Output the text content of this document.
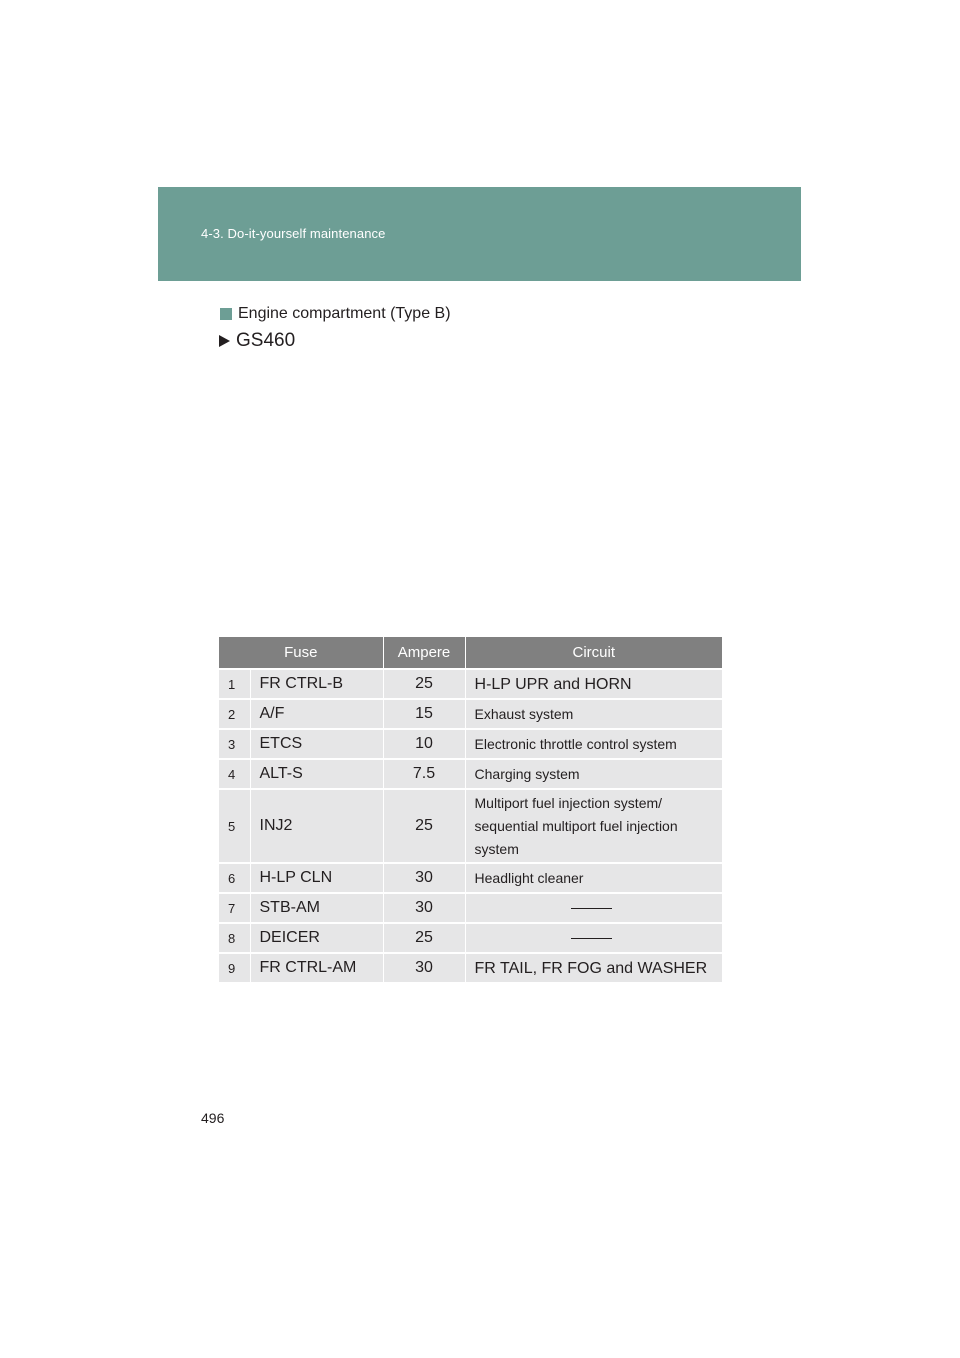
4-3. Do-it-yourself maintenance
Engine compartment (Type B)
GS460
Fuse		Ampere	Circuit
1	FR CTRL-B	25	H-LP UPR and HORN
2	A/F	15	Exhaust system
3	ETCS	10	Electronic throttle control system
4	ALT-S	7.5	Charging system
5	INJ2	25	Multiport fuel injection system/ sequential multiport fuel injection system
6	H-LP CLN	30	Headlight cleaner
7	STB-AM	30	

8	DEICER	25	

9	FR CTRL-AM	30	FR TAIL, FR FOG and WASHER
496
